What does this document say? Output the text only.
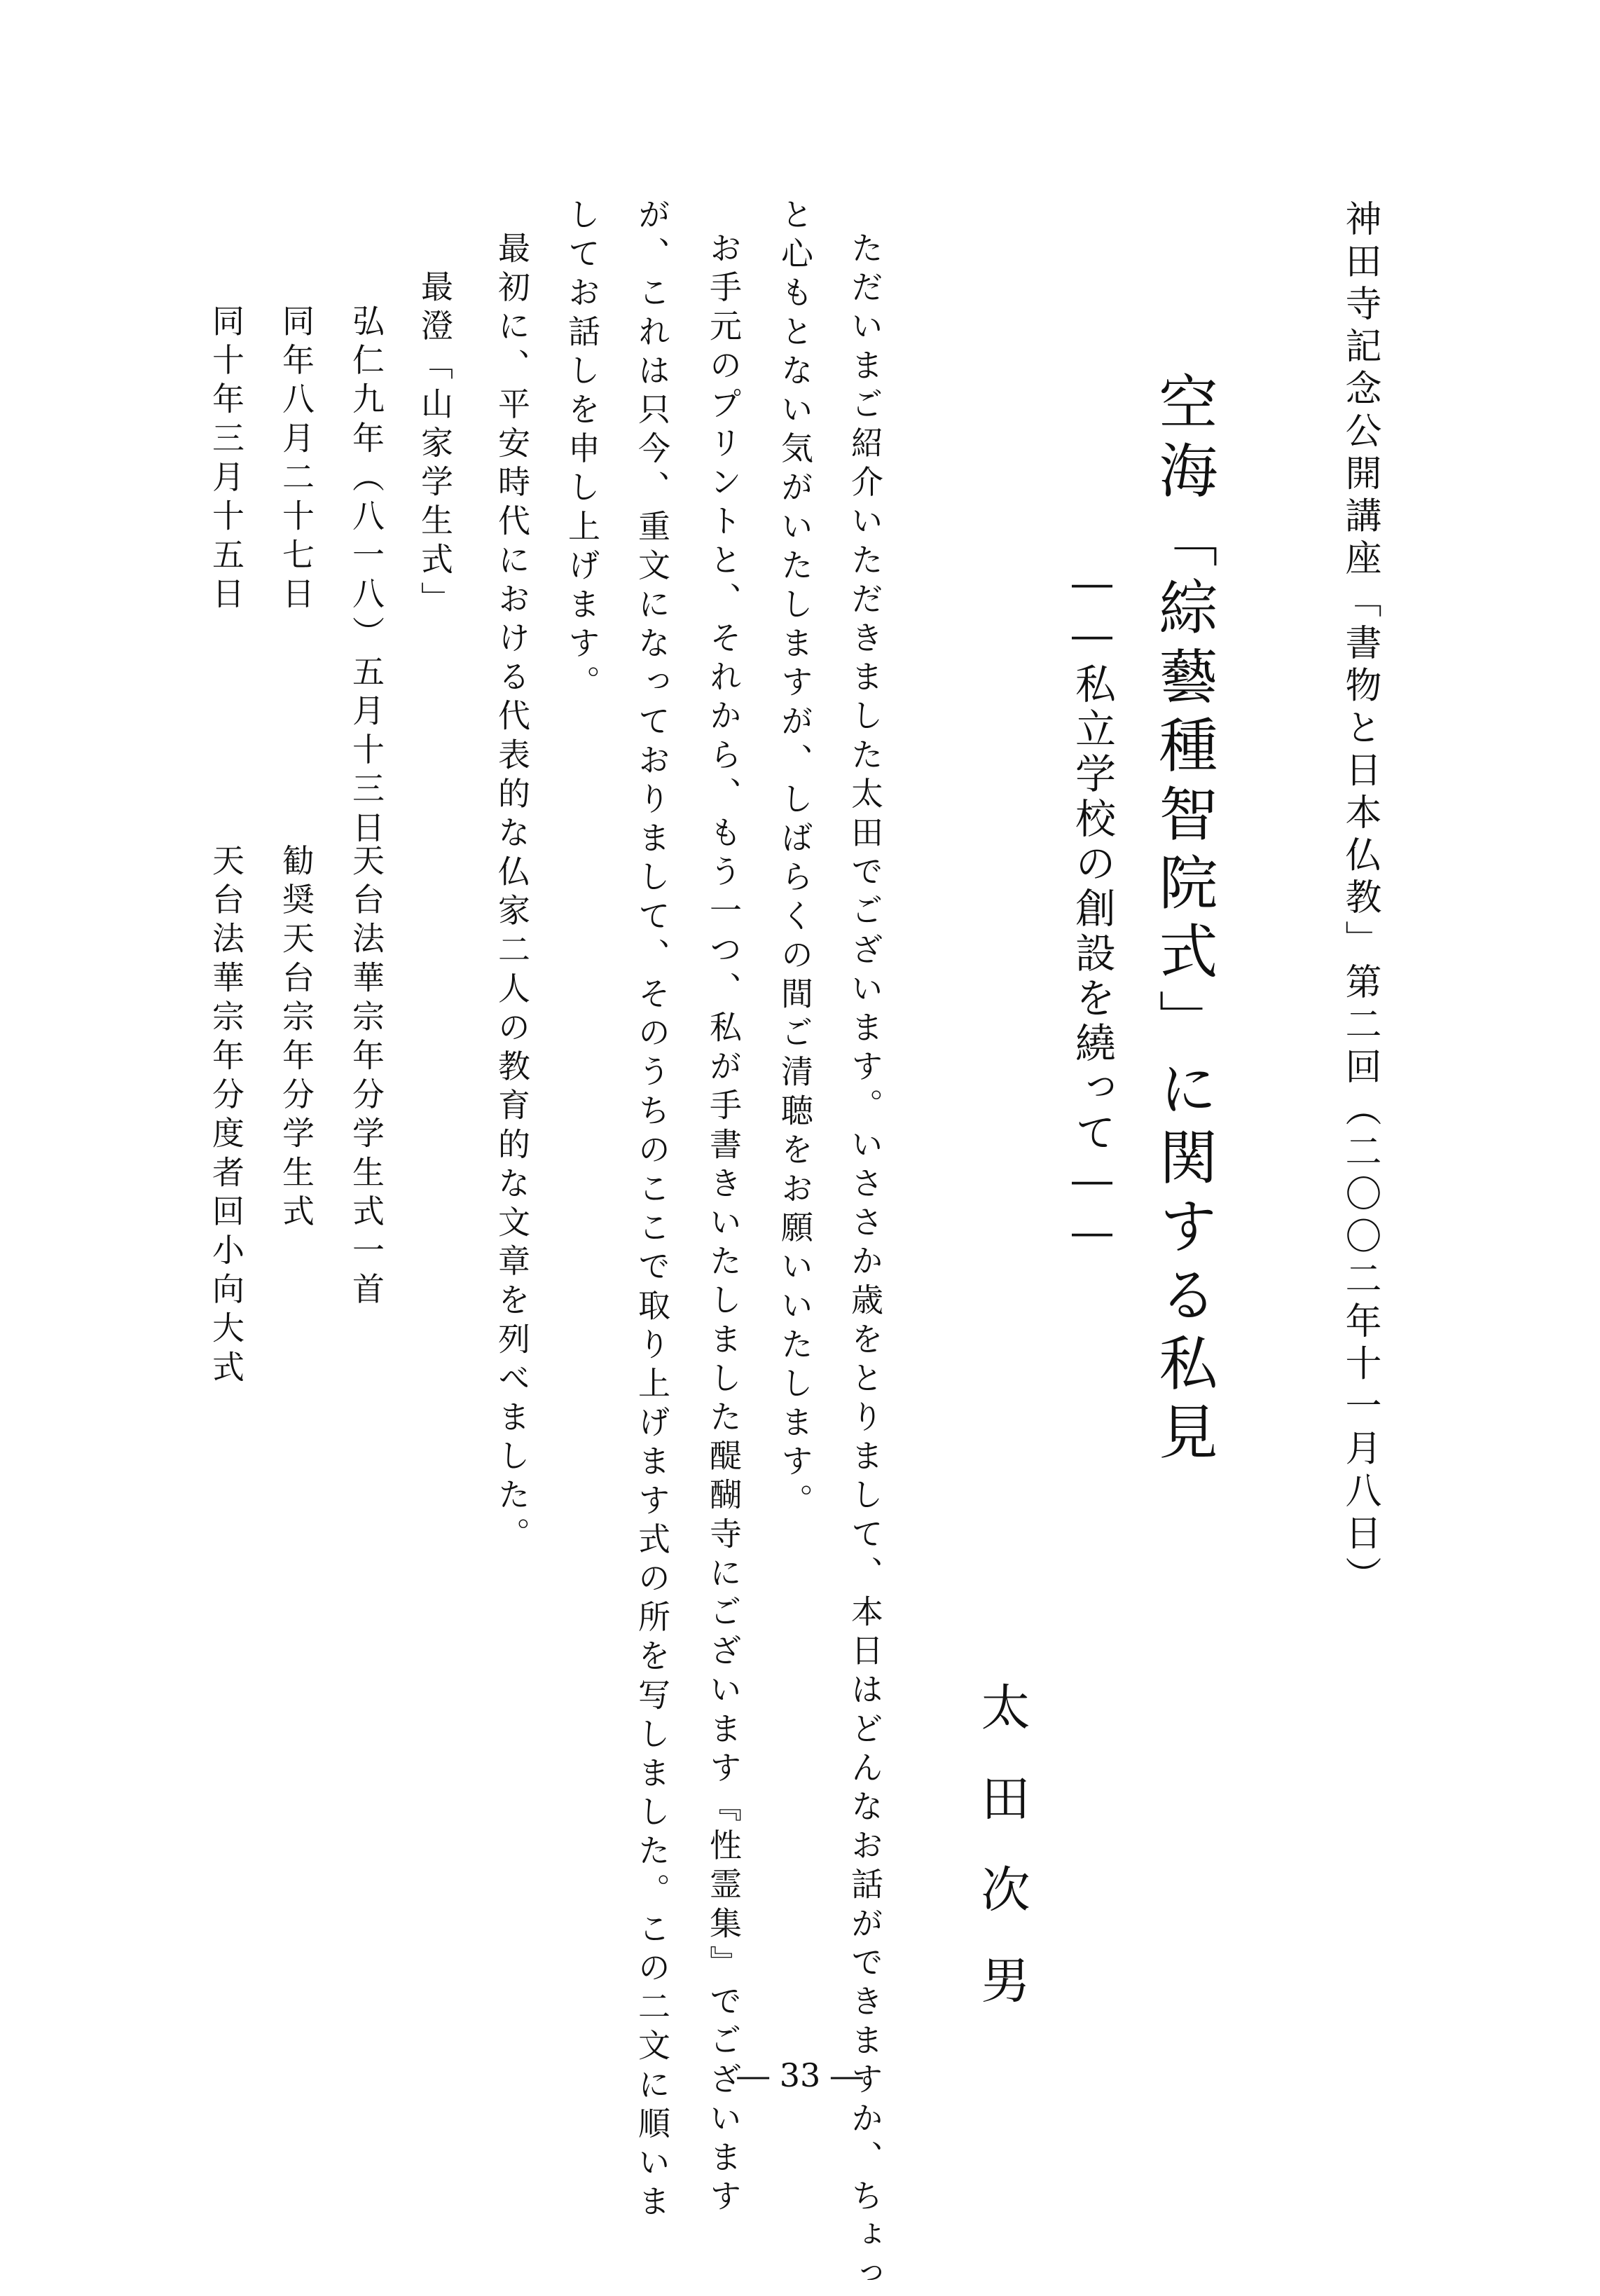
神田寺記念公開講座「書物と日本仏教」第二回（二〇〇二年十一月八日）
空海「綜藝種智院式」に関する私見
――私立学校の創設を繞って――
太田次男
ただいまご紹介いただきました太田でございます。いささか歳をとりまして、本日はどんなお話ができますか、ちょっ
と心もとない気がいたしますが、しばらくの間ご清聴をお願いいたします。
お手元のプリントと、それから、もう一つ、私が手書きいたしました醍醐寺にございます『性霊集』でございます
が、これは只今、重文になっておりまして、そのうちのここで取り上げます式の所を写しました。この二文に順いま
してお話しを申し上げます。
最初に、平安時代における代表的な仏家二人の教育的な文章を列べました。
最澄「山家学生式」
弘仁九年（八一八）五月十三日
天台法華宗年分学生式一首
同年八月二十七日
勧奨天台宗年分学生式
同十年三月十五日
天台法華宗年分度者回小向大式
― 33 ―
